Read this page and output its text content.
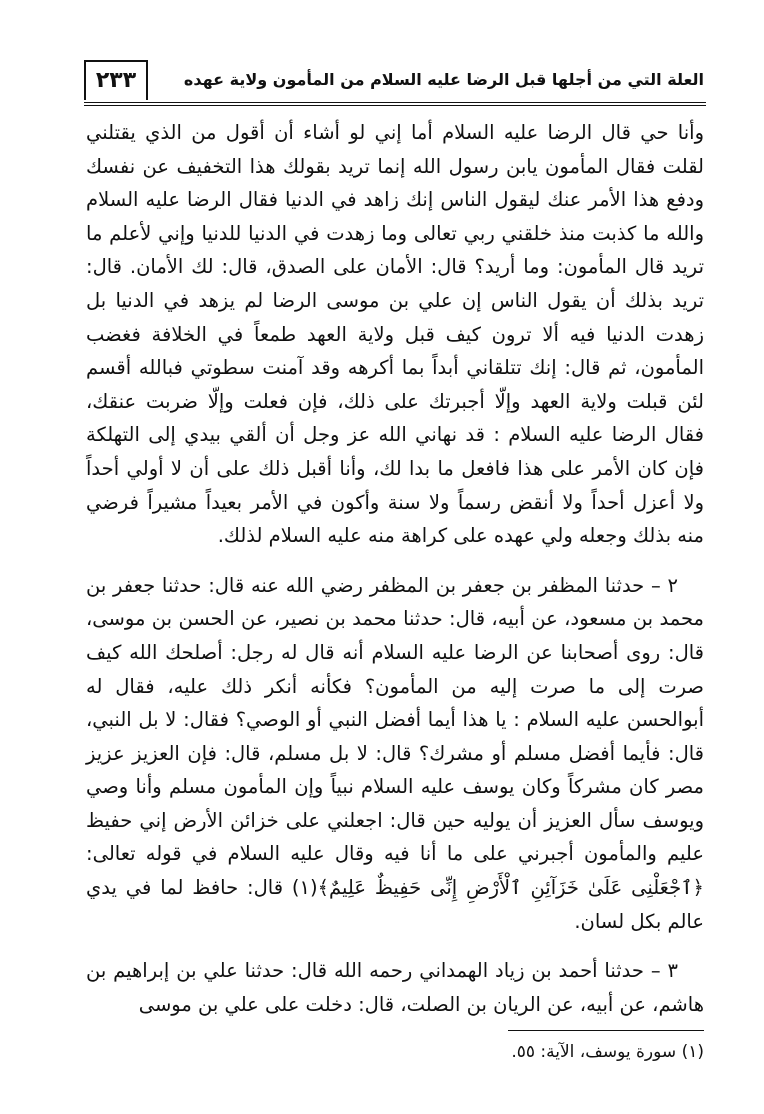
٢٣٣	العلة التي من أجلها قبل الرضا عليه السلام من المأمون ولاية عهده

وأنا حي قال الرضا عليه السلام أما إني لو أشاء أن أقول من الذي يقتلني لقلت فقال المأمون يابن رسول الله إنما تريد بقولك هذا التخفيف عن نفسك ودفع هذا الأمر عنك ليقول الناس إنك زاهد في الدنيا فقال الرضا عليه السلام والله ما كذبت منذ خلقني ربي تعالى وما زهدت في الدنيا للدنيا وإني لأعلم ما تريد قال المأمون: وما أريد؟ قال: الأمان على الصدق، قال: لك الأمان. قال: تريد بذلك أن يقول الناس إن علي بن موسى الرضا لم يزهد في الدنيا بل زهدت الدنيا فيه ألا ترون كيف قبل ولاية العهد طمعاً في الخلافة فغضب المأمون، ثم قال: إنك تتلقاني أبداً بما أكرهه وقد آمنت سطوتي فبالله أقسم لئن قبلت ولاية العهد وإلّا أجبرتك على ذلك، فإن فعلت وإلّا ضربت عنقك، فقال الرضا عليه السلام : قد نهاني الله عز وجل أن ألقي بيدي إلى التهلكة فإن كان الأمر على هذا فافعل ما بدا لك، وأنا أقبل ذلك على أن لا أولي أحداً ولا أعزل أحداً ولا أنقض رسماً ولا سنة وأكون في الأمر بعيداً مشيراً فرضي منه بذلك وجعله ولي عهده على كراهة منه عليه السلام لذلك.

٢ – حدثنا المظفر بن جعفر بن المظفر رضي الله عنه قال: حدثنا جعفر بن محمد بن مسعود، عن أبيه، قال: حدثنا محمد بن نصير، عن الحسن بن موسى، قال: روى أصحابنا عن الرضا عليه السلام أنه قال له رجل: أصلحك الله كيف صرت إلى ما صرت إليه من المأمون؟ فكأنه أنكر ذلك عليه، فقال له أبوالحسن عليه السلام : يا هذا أيما أفضل النبي أو الوصي؟ فقال: لا بل النبي، قال: فأيما أفضل مسلم أو مشرك؟ قال: لا بل مسلم، قال: فإن العزيز عزيز مصر كان مشركاً وكان يوسف عليه السلام نبياً وإن المأمون مسلم وأنا وصي ويوسف سأل العزيز أن يوليه حين قال: اجعلني على خزائن الأرض إني حفيظ عليم والمأمون أجبرني على ما أنا فيه وقال عليه السلام في قوله تعالى: ﴿ٱجْعَلْنِى عَلَىٰ خَزَآئِنِ ٱلْأَرْضِ إِنِّى حَفِيظٌ عَلِيمٌ﴾(١) قال: حافظ لما في يدي عالم بكل لسان.

٣ – حدثنا أحمد بن زياد الهمداني رحمه الله قال: حدثنا علي بن إبراهيم بن هاشم، عن أبيه، عن الريان بن الصلت، قال: دخلت على علي بن موسى

(١) سورة يوسف، الآية: ٥٥.
